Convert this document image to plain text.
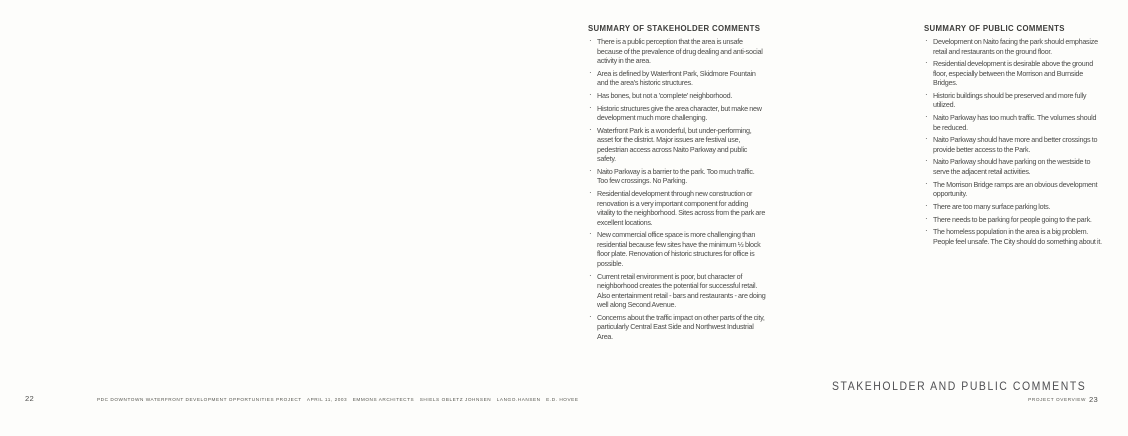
SUMMARY OF STAKEHOLDER COMMENTS
· There is a public perception that the area is unsafe because of the prevalence of drug dealing and anti-social activity in the area.
· Area is defined by Waterfront Park, Skidmore Fountain and the area's historic structures.
· Has bones, but not a 'complete' neighborhood.
· Historic structures give the area character, but make new development much more challenging.
· Waterfront Park is a wonderful, but under-performing, asset for the district. Major issues are festival use, pedestrian access across Naito Parkway and public safety.
· Naito Parkway is a barrier to the park. Too much traffic. Too few crossings. No Parking.
· Residential development through new construction or renovation is a very important component for adding vitality to the neighborhood. Sites across from the park are excellent locations.
· New commercial office space is more challenging than residential because few sites have the minimum ½ block floor plate. Renovation of historic structures for office is possible.
· Current retail environment is poor, but character of neighborhood creates the potential for successful retail. Also entertainment retail - bars and restaurants - are doing well along Second Avenue.
· Concerns about the traffic impact on other parts of the city, particularly Central East Side and Northwest Industrial Area.
SUMMARY OF PUBLIC COMMENTS
· Development on Naito facing the park should emphasize retail and restaurants on the ground floor.
· Residential development is desirable above the ground floor, especially between the Morrison and Burnside Bridges.
· Historic buildings should be preserved and more fully utilized.
· Naito Parkway has too much traffic. The volumes should be reduced.
· Naito Parkway should have more and better crossings to provide better access to the Park.
· Naito Parkway should have parking on the westside to serve the adjacent retail activities.
· The Morrison Bridge ramps are an obvious development opportunity.
· There are too many surface parking lots.
· There needs to be parking for people going to the park.
· The homeless population in the area is a big problem. People feel unsafe. The City should do something about it.
22	PDC DOWNTOWN WATERFRONT DEVELOPMENT OPPORTUNITIES PROJECT   APRIL 11, 2003   EMMONS ARCHITECTS   SHIELS OBLETZ JOHNSEN   LANGO.HANSEN   E.D. HOVEE
STAKEHOLDER AND PUBLIC COMMENTS
PROJECT OVERVIEW 23
